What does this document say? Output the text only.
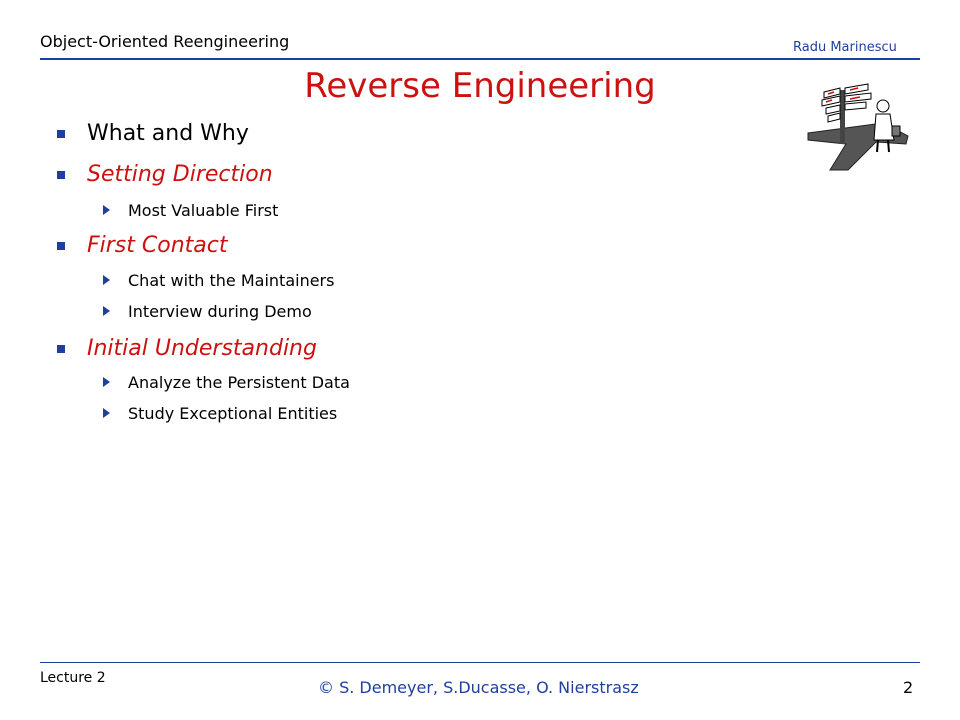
Object-Oriented Reengineering	Radu Marinescu
Reverse Engineering
What and Why
Setting Direction
Most Valuable First
First Contact
Chat with the Maintainers
Interview during Demo
Initial Understanding
Analyze the Persistent Data
Study Exceptional Entities
Lecture 2	© S. Demeyer, S.Ducasse, O. Nierstrasz	2
